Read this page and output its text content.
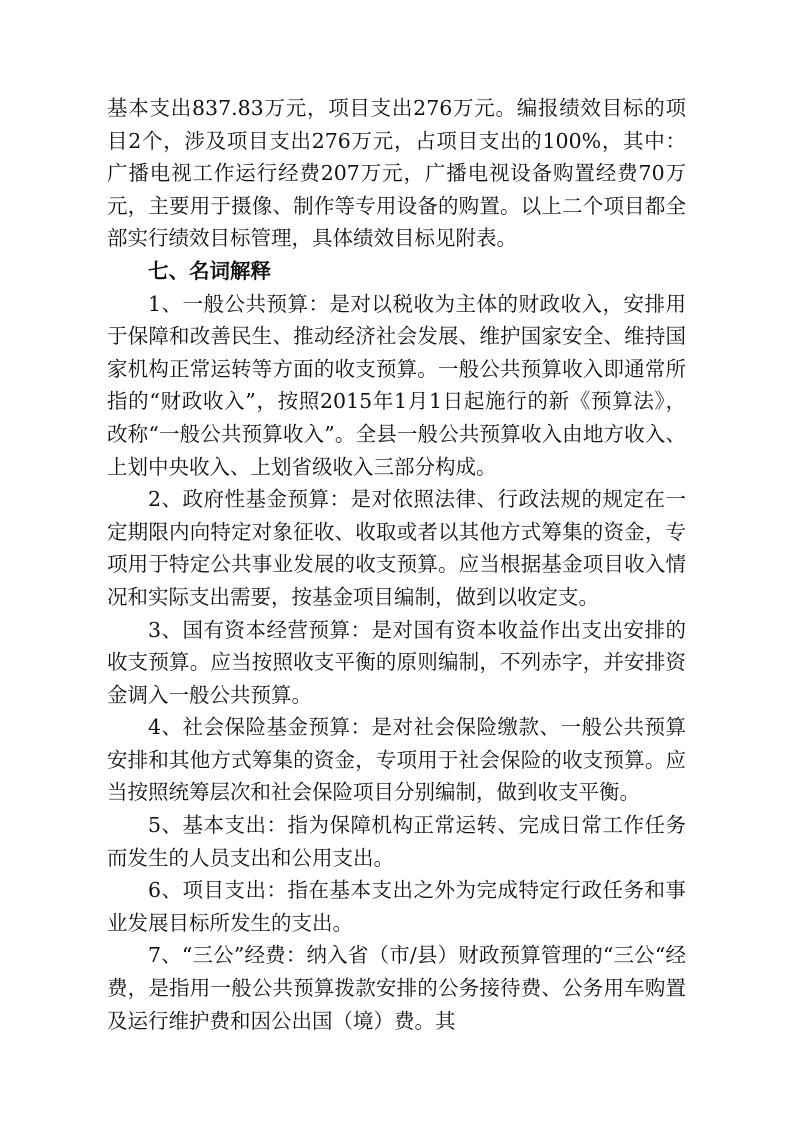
基本支出837.83万元，项目支出276万元。编报绩效目标的项目2个，涉及项目支出276万元，占项目支出的100%，其中：广播电视工作运行经费207万元，广播电视设备购置经费70万元，主要用于摄像、制作等专用设备的购置。以上二个项目都全部实行绩效目标管理，具体绩效目标见附表。

七、名词解释

1、一般公共预算：是对以税收为主体的财政收入，安排用于保障和改善民生、推动经济社会发展、维护国家安全、维持国家机构正常运转等方面的收支预算。一般公共预算收入即通常所指的“财政收入”，按照2015年1月1日起施行的新《预算法》，改称“一般公共预算收入”。全县一般公共预算收入由地方收入、上划中央收入、上划省级收入三部分构成。

2、政府性基金预算：是对依照法律、行政法规的规定在一定期限内向特定对象征收、收取或者以其他方式筹集的资金，专项用于特定公共事业发展的收支预算。应当根据基金项目收入情况和实际支出需要，按基金项目编制，做到以收定支。

3、国有资本经营预算：是对国有资本收益作出支出安排的收支预算。应当按照收支平衡的原则编制，不列赤字，并安排资金调入一般公共预算。

4、社会保险基金预算：是对社会保险缴款、一般公共预算安排和其他方式筹集的资金，专项用于社会保险的收支预算。应当按照统筹层次和社会保险项目分别编制，做到收支平衡。

5、基本支出：指为保障机构正常运转、完成日常工作任务而发生的人员支出和公用支出。

6、项目支出：指在基本支出之外为完成特定行政任务和事业发展目标所发生的支出。

7、“三公”经费：纳入省（市/县）财政预算管理的“三公“经费，是指用一般公共预算拨款安排的公务接待费、公务用车购置及运行维护费和因公出国（境）费。其
